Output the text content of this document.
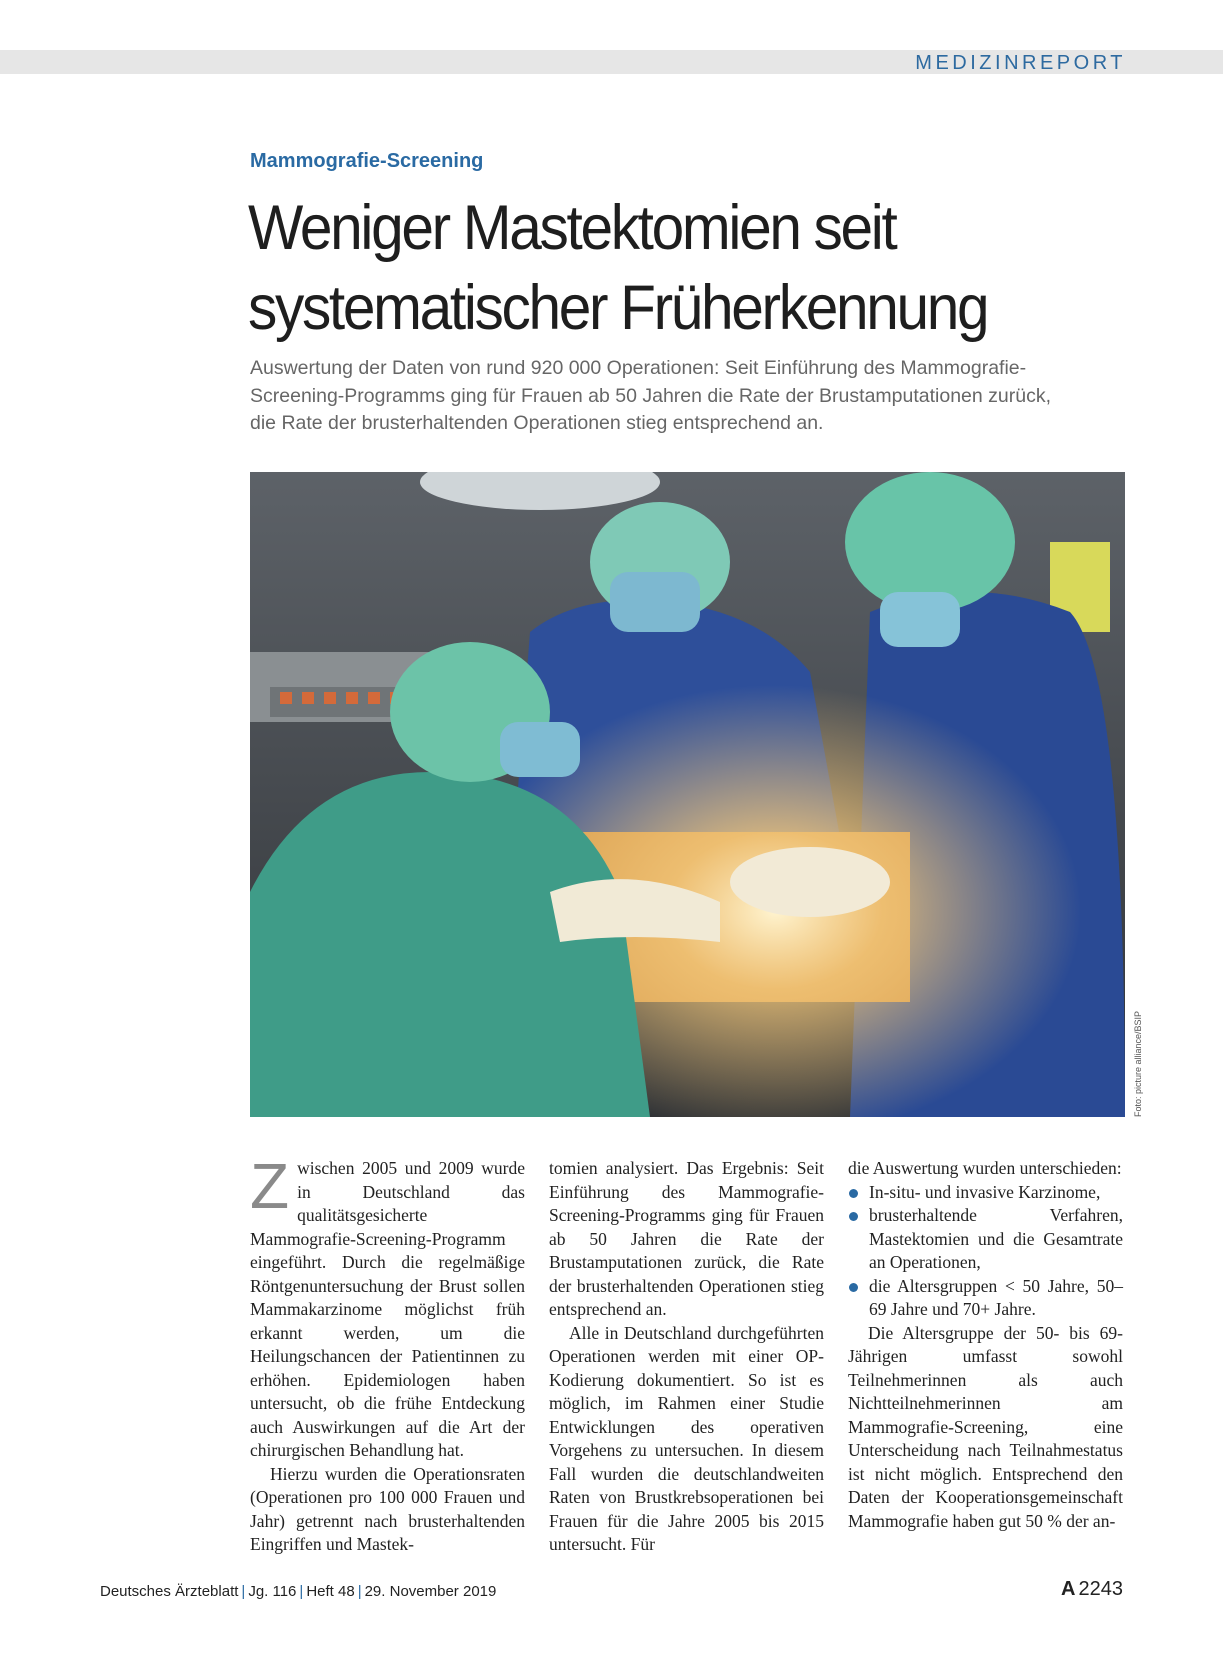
MEDIZINREPORT
Mammografie-Screening
Weniger Mastektomien seit
systematischer Früherkennung
Auswertung der Daten von rund 920 000 Operationen: Seit Einführung des Mammografie-Screening-Programms ging für Frauen ab 50 Jahren die Rate der Brustamputationen zurück, die Rate der brusterhaltenden Operationen stieg entsprechend an.
Foto: picture alliance/BSIP

Z wischen 2005 und 2009 wurde in Deutschland das qualitätsgesicherte Mammografie-Screening-Programm eingeführt. Durch die regelmäßige Röntgenuntersuchung der Brust sollen Mammakarzinome möglichst früh erkannt werden, um die Heilungschancen der Patientinnen zu erhöhen. Epidemiologen haben untersucht, ob die frühe Entdeckung auch Auswirkungen auf die Art der chirurgischen Behandlung hat.

Hierzu wurden die Operationsraten (Operationen pro 100 000 Frauen und Jahr) getrennt nach brusterhaltenden Eingriffen und Mastek-

tomien analysiert. Das Ergebnis: Seit Einführung des Mammografie-Screening-Programms ging für Frauen ab 50 Jahren die Rate der Brustamputationen zurück, die Rate der brusterhaltenden Operationen stieg entsprechend an.

Alle in Deutschland durchgeführten Operationen werden mit einer OP-Kodierung dokumentiert. So ist es möglich, im Rahmen einer Studie Entwicklungen des operativen Vorgehens zu untersuchen. In diesem Fall wurden die deutschlandweiten Raten von Brustkrebsoperationen bei Frauen für die Jahre 2005 bis 2015 untersucht. Für

die Auswertung wurden unterschieden:

In-situ- und invasive Karzinome,
brusterhaltende Verfahren, Mastektomien und die Gesamtrate an Operationen,
die Altersgruppen < 50 Jahre, 50–69 Jahre und 70+ Jahre.

Die Altersgruppe der 50- bis 69-Jährigen umfasst sowohl Teilnehmerinnen als auch Nichtteilnehmerinnen am Mammografie-Screening, eine Unterscheidung nach Teilnahmestatus ist nicht möglich. Entsprechend den Daten der Kooperationsgemeinschaft Mammografie haben gut 50 % der an-

Deutsches Ärzteblatt | Jg. 116 | Heft 48 | 29. November 2019	A 2243
